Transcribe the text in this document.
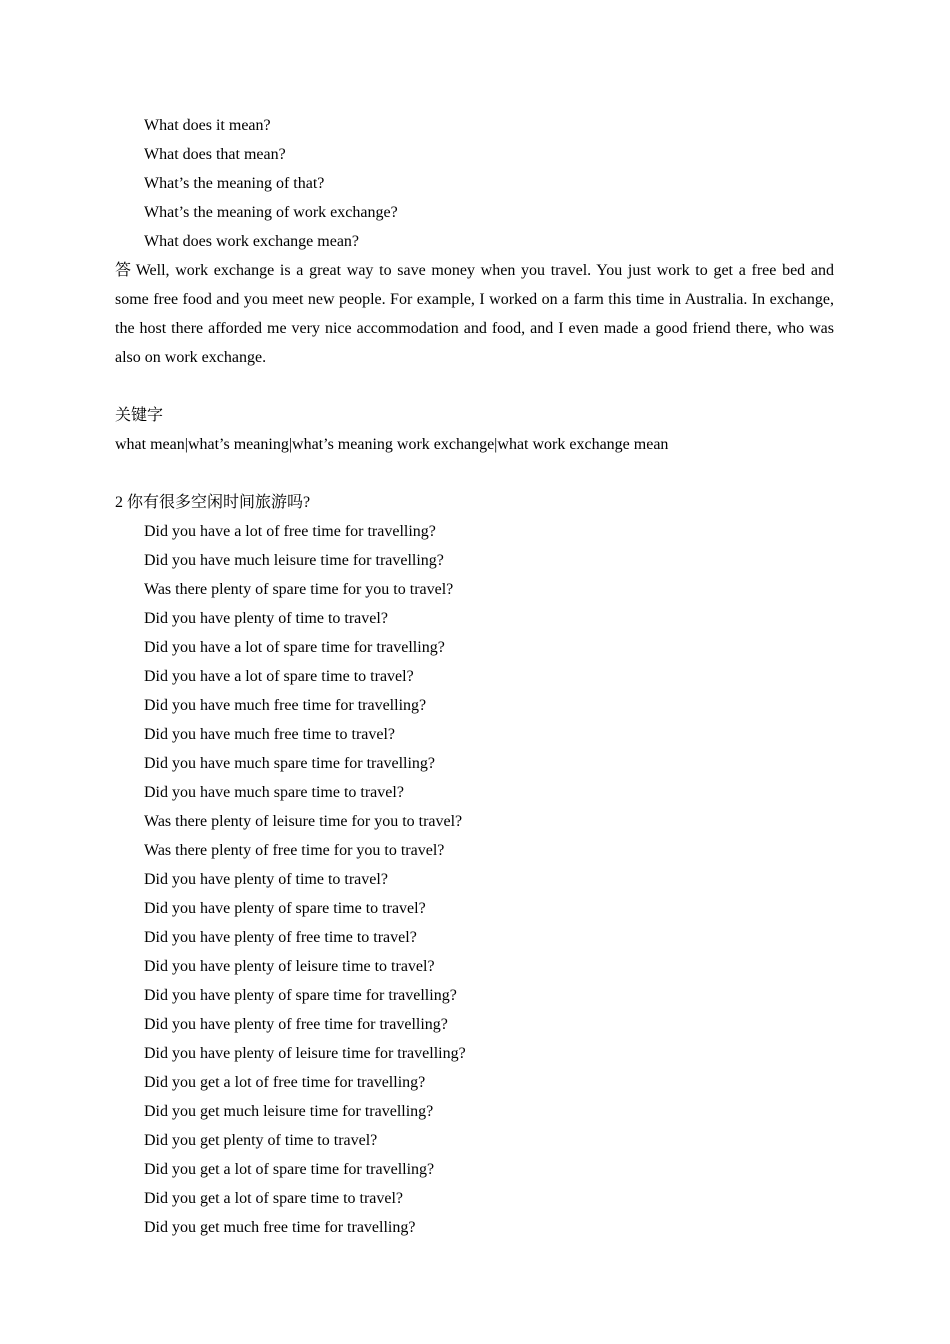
What does it mean?

What does that mean?

What’s the meaning of that?

What’s the meaning of work exchange?

What does work exchange mean?

答 Well, work exchange is a great way to save money when you travel. You just work to get a free bed and some free food and you meet new people. For example, I worked on a farm this time in Australia. In exchange, the host there afforded me very nice accommodation and food, and I even made a good friend there, who was also on work exchange.

关键字

what mean|what’s meaning|what’s meaning work exchange|what work exchange mean

2 你有很多空闲时间旅游吗?

Did you have a lot of free time for travelling?

Did you have much leisure time for travelling?

Was there plenty of spare time for you to travel?

Did you have plenty of time to travel?

Did you have a lot of spare time for travelling?

Did you have a lot of spare time to travel?

Did you have much free time for travelling?

Did you have much free time to travel?

Did you have much spare time for travelling?

Did you have much spare time to travel?

Was there plenty of leisure time for you to travel?

Was there plenty of free time for you to travel?

Did you have plenty of time to travel?

Did you have plenty of spare time to travel?

Did you have plenty of free time to travel?

Did you have plenty of leisure time to travel?

Did you have plenty of spare time for travelling?

Did you have plenty of free time for travelling?

Did you have plenty of leisure time for travelling?

Did you get a lot of free time for travelling?

Did you get much leisure time for travelling?

Did you get plenty of time to travel?

Did you get a lot of spare time for travelling?

Did you get a lot of spare time to travel?

Did you get much free time for travelling?
